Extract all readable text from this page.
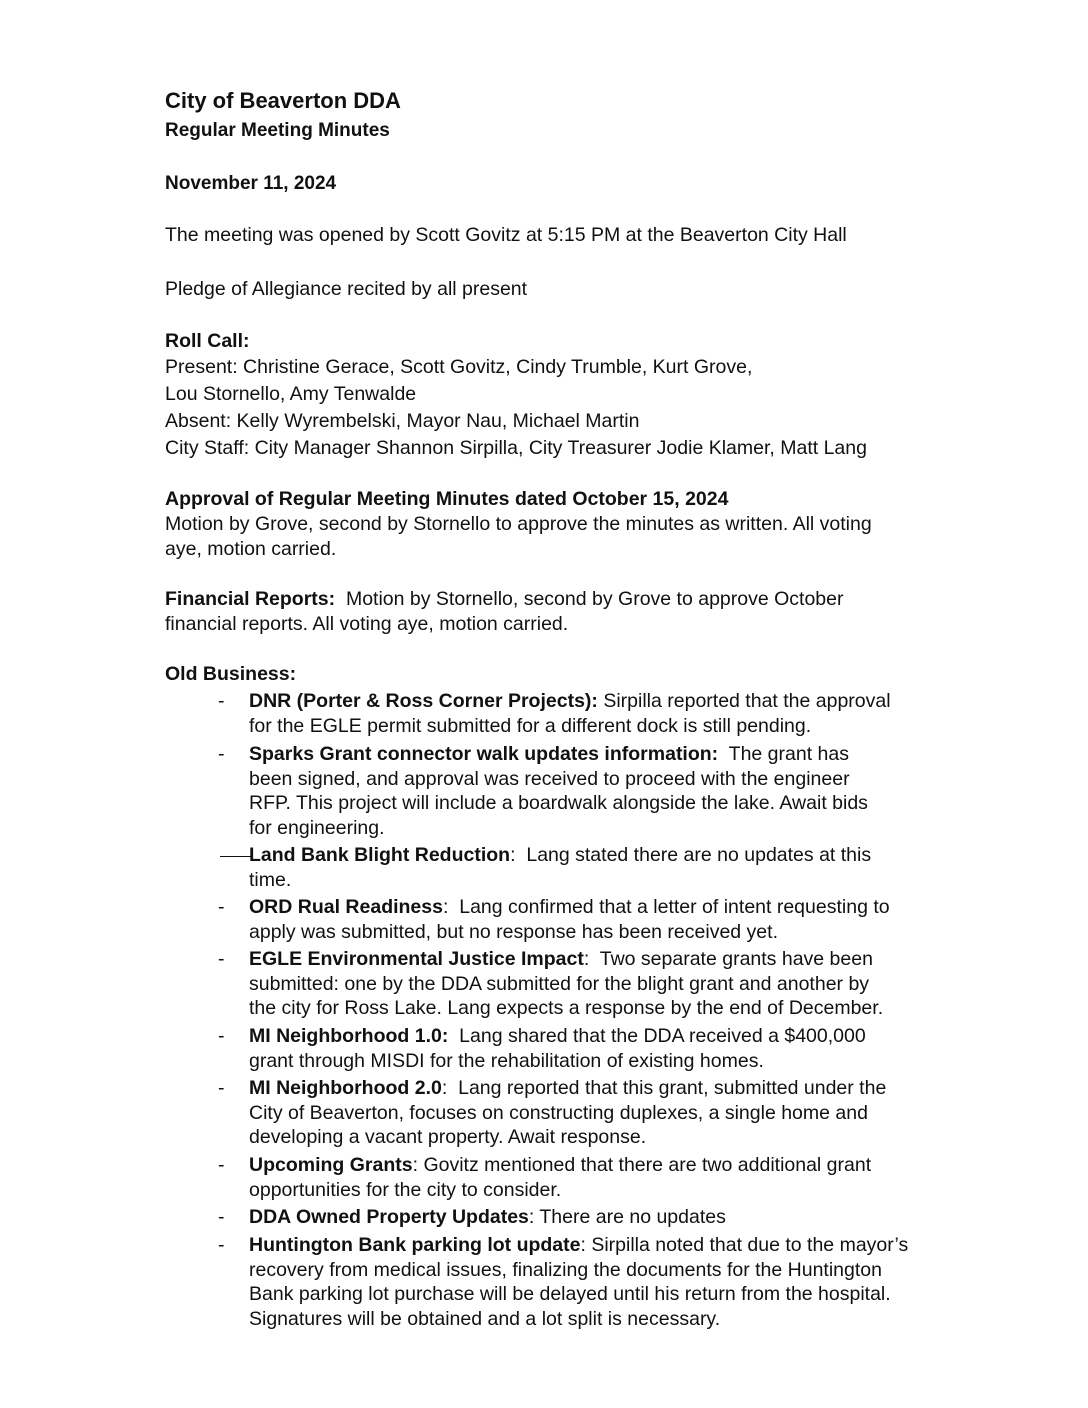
City of Beaverton DDA
Regular Meeting Minutes
November 11, 2024
The meeting was opened by Scott Govitz at 5:15 PM at the Beaverton City Hall
Pledge of Allegiance recited by all present
Roll Call:
Present: Christine Gerace, Scott Govitz, Cindy Trumble, Kurt Grove,
Lou Stornello, Amy Tenwalde
Absent: Kelly Wyrembelski, Mayor Nau, Michael Martin
City Staff: City Manager Shannon Sirpilla, City Treasurer Jodie Klamer, Matt Lang
Approval of Regular Meeting Minutes dated October 15, 2024
Motion by Grove, second by Stornello to approve the minutes as written. All voting
aye, motion carried.
Financial Reports:  Motion by Stornello, second by Grove to approve October
financial reports. All voting aye, motion carried.
Old Business:
- DNR (Porter & Ross Corner Projects): Sirpilla reported that the approval
for the EGLE permit submitted for a different dock is still pending.
- Sparks Grant connector walk updates information:  The grant has
been signed, and approval was received to proceed with the engineer
RFP. This project will include a boardwalk alongside the lake. Await bids
for engineering.
Land Bank Blight Reduction:  Lang stated there are no updates at this
time.
- ORD Rual Readiness:  Lang confirmed that a letter of intent requesting to
apply was submitted, but no response has been received yet.
- EGLE Environmental Justice Impact:  Two separate grants have been
submitted: one by the DDA submitted for the blight grant and another by
the city for Ross Lake. Lang expects a response by the end of December.
- MI Neighborhood 1.0:  Lang shared that the DDA received a $400,000
grant through MISDI for the rehabilitation of existing homes.
- MI Neighborhood 2.0:  Lang reported that this grant, submitted under the
City of Beaverton, focuses on constructing duplexes, a single home and
developing a vacant property. Await response.
- Upcoming Grants: Govitz mentioned that there are two additional grant
opportunities for the city to consider.
- DDA Owned Property Updates: There are no updates
- Huntington Bank parking lot update: Sirpilla noted that due to the mayor’s
recovery from medical issues, finalizing the documents for the Huntington
Bank parking lot purchase will be delayed until his return from the hospital.
Signatures will be obtained and a lot split is necessary.
